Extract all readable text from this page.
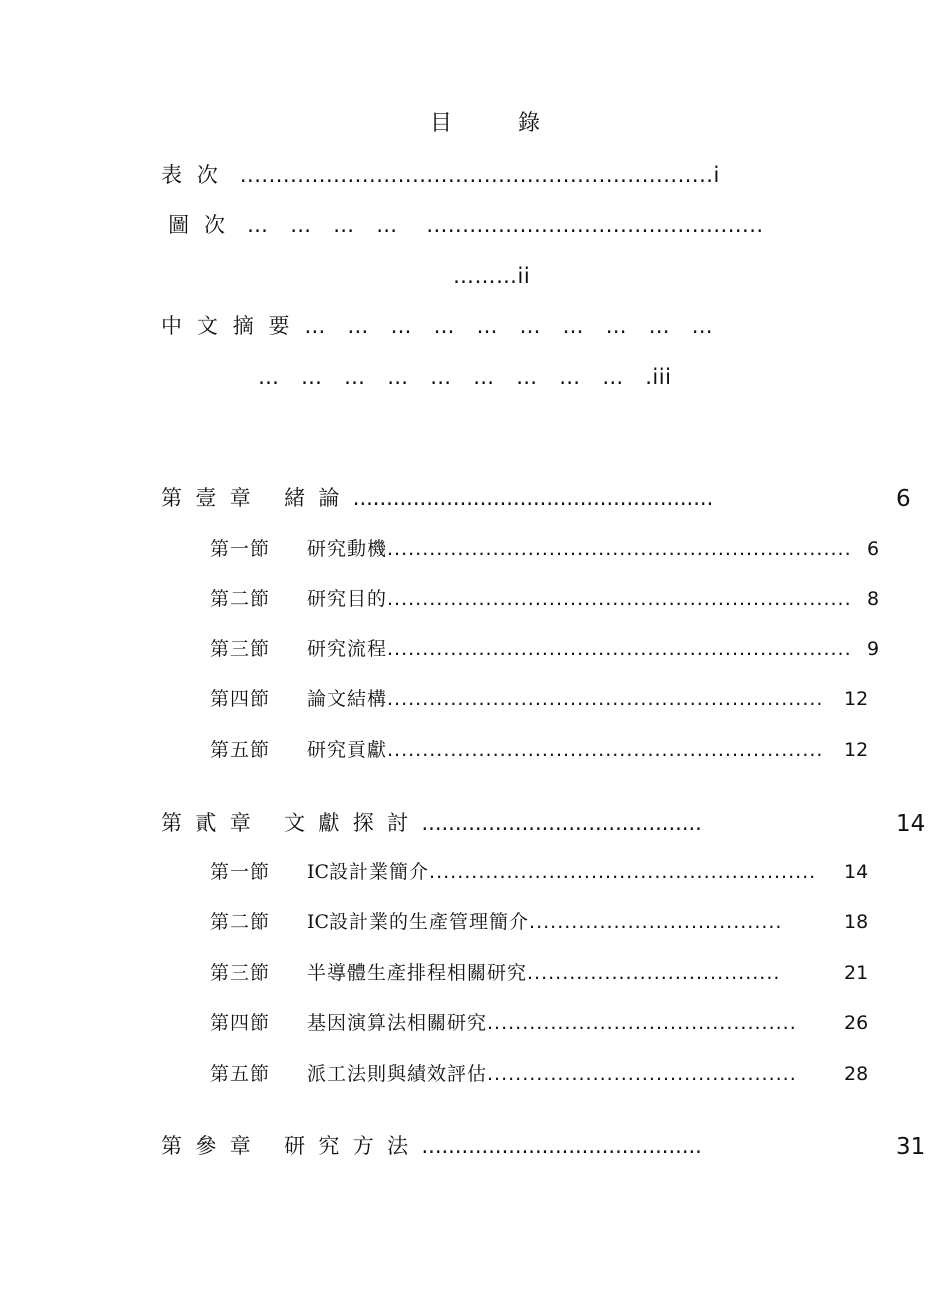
目　　　錄
表  次   ..................................................................i
圖  次   …   …   …   …    ...............................................
………ii
中  文  摘  要  …   …   …   …   …   …   …   …   …   …
…   …   …   …   …   …   …   …   …   .iii
第  壹  章     緒  論  ......................................................	6
第一節 研究動機.................................................................. 6
第二節 研究目的.................................................................. 8
第三節 研究流程.................................................................. 9
第四節 論文結構.............................................................. 12
第五節 研究貢獻.............................................................. 12
第  貳  章     文  獻  探  討  ..........................................	14
第一節 IC設計業簡介....................................................... 14
第二節 IC設計業的生產管理簡介....................................	18
第三節 半導體生產排程相關研究....................................	21
第四節 基因演算法相關研究............................................ 26
第五節 派工法則與績效評估............................................ 28
第  參  章     研  究  方  法  ..........................................	31
